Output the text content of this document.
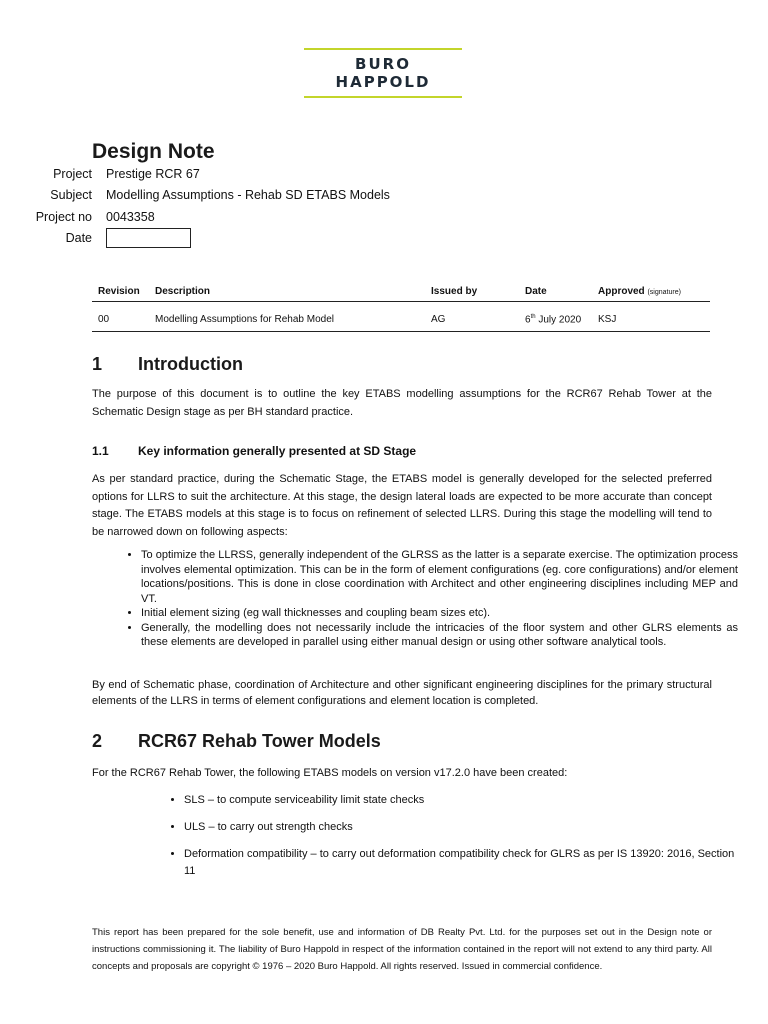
BURO HAPPOLD
Design Note
Project Prestige RCR 67
Subject Modelling Assumptions - Rehab SD ETABS Models
Project no 0043358
Date
Revision	Description	Issued by	Date	Approved (signature)
00	Modelling Assumptions for Rehab Model	AG	6th July 2020	KSJ
1 Introduction

The purpose of this document is to outline the key ETABS modelling assumptions for the RCR67 Rehab Tower at the Schematic Design stage as per BH standard practice.

1.1 Key information generally presented at SD Stage

As per standard practice, during the Schematic Stage, the ETABS model is generally developed for the selected preferred options for LLRS to suit the architecture. At this stage, the design lateral loads are expected to be more accurate than concept stage. The ETABS models at this stage is to focus on refinement of selected LLRS. During this stage the modelling will tend to be narrowed down on following aspects:

• To optimize the LLRSS, generally independent of the GLRSS as the latter is a separate exercise. The optimization process involves elemental optimization. This can be in the form of element configurations (eg. core configurations) and/or element locations/positions. This is done in close coordination with Architect and other engineering disciplines including MEP and VT.
• Initial element sizing (eg wall thicknesses and coupling beam sizes etc).
• Generally, the modelling does not necessarily include the intricacies of the floor system and other GLRS elements as these elements are developed in parallel using either manual design or using other software analytical tools.

By end of Schematic phase, coordination of Architecture and other significant engineering disciplines for the primary structural elements of the LLRS in terms of element configurations and element location is completed.

2 RCR67 Rehab Tower Models

For the RCR67 Rehab Tower, the following ETABS models on version v17.2.0 have been created:

• SLS – to compute serviceability limit state checks
• ULS – to carry out strength checks
• Deformation compatibility – to carry out deformation compatibility check for GLRS as per IS 13920: 2016, Section 11

This report has been prepared for the sole benefit, use and information of DB Realty Pvt. Ltd. for the purposes set out in the Design note or instructions commissioning it. The liability of Buro Happold in respect of the information contained in the report will not extend to any third party. All concepts and proposals are copyright © 1976 – 2020 Buro Happold. All rights reserved. Issued in commercial confidence.
